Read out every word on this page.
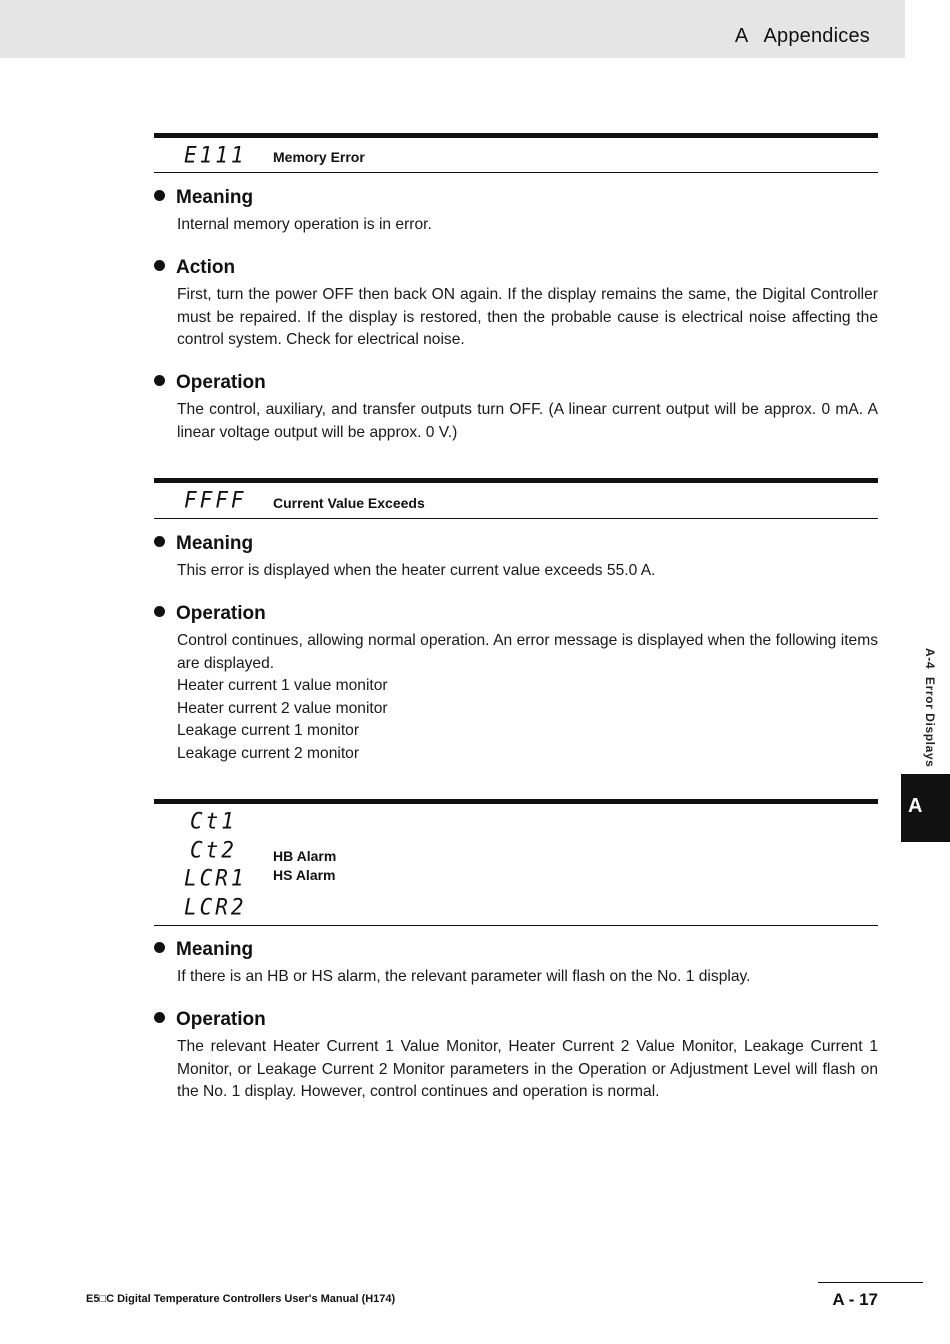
A   Appendices
A-4  Error Displays
A
E111 Memory Error
Meaning

Internal memory operation is in error.

Action

First, turn the power OFF then back ON again. If the display remains the same, the Digital Controller must be repaired. If the display is restored, then the probable cause is electrical noise affecting the control system. Check for electrical noise.

Operation

The control, auxiliary, and transfer outputs turn OFF. (A linear current output will be approx. 0 mA. A linear voltage output will be approx. 0 V.)

FFFF Current Value Exceeds
Meaning

This error is displayed when the heater current value exceeds 55.0 A.

Operation

Control continues, allowing normal operation. An error message is displayed when the following items are displayed.

Heater current 1 value monitor

Heater current 2 value monitor

Leakage current 1 monitor

Leakage current 2 monitor

Ct1
Ct2
LCR1
LCR2
HB Alarm
HS Alarm
Meaning

If there is an HB or HS alarm, the relevant parameter will flash on the No. 1 display.

Operation

The relevant Heater Current 1 Value Monitor, Heater Current 2 Value Monitor, Leakage Current 1 Monitor, or Leakage Current 2 Monitor parameters in the Operation or Adjustment Level will flash on the No. 1 display. However, control continues and operation is normal.

E5□C Digital Temperature Controllers User's Manual (H174)	A - 17
